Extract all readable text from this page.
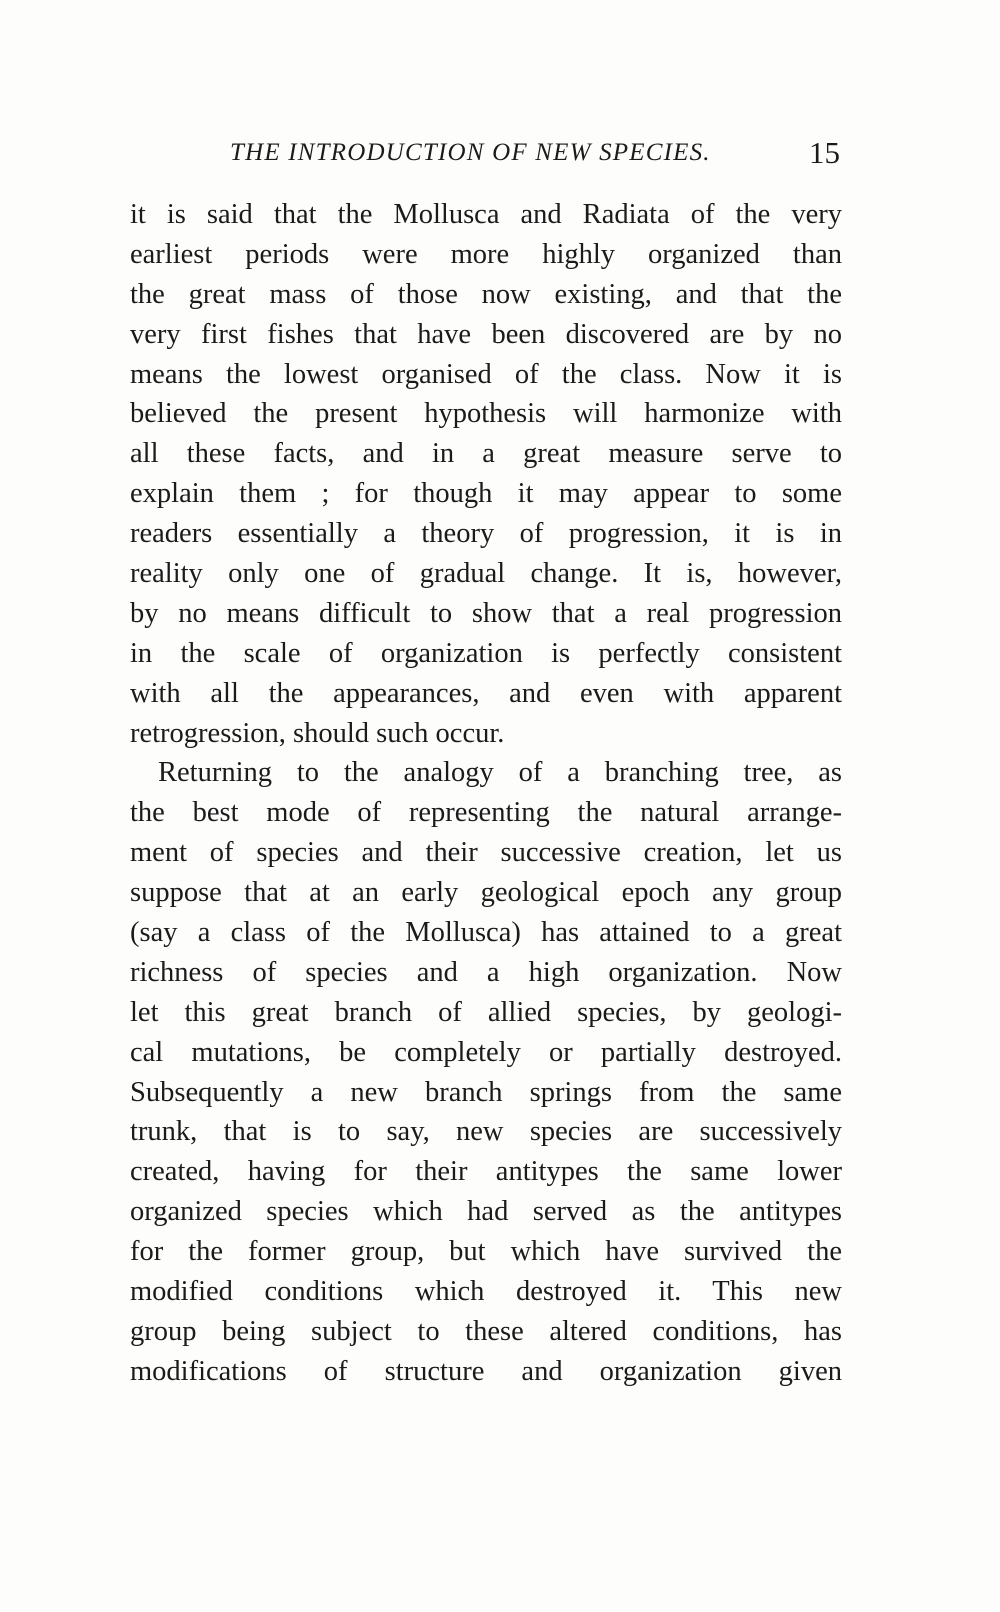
THE INTRODUCTION OF NEW SPECIES.	15
it is said that the Mollusca and Radiata of the very
earliest periods were more highly organized than
the great mass of those now existing, and that the
very first fishes that have been discovered are by no
means the lowest organised of the class. Now it is
believed the present hypothesis will harmonize with
all these facts, and in a great measure serve to
explain them ; for though it may appear to some
readers essentially a theory of progression, it is in
reality only one of gradual change. It is, however,
by no means difficult to show that a real progression
in the scale of organization is perfectly consistent
with all the appearances, and even with apparent
retrogression, should such occur.
Returning to the analogy of a branching tree, as
the best mode of representing the natural arrange-
ment of species and their successive creation, let us
suppose that at an early geological epoch any group
(say a class of the Mollusca) has attained to a great
richness of species and a high organization. Now
let this great branch of allied species, by geologi-
cal mutations, be completely or partially destroyed.
Subsequently a new branch springs from the same
trunk, that is to say, new species are successively
created, having for their antitypes the same lower
organized species which had served as the antitypes
for the former group, but which have survived the
modified conditions which destroyed it. This new
group being subject to these altered conditions, has
modifications of structure and organization given
